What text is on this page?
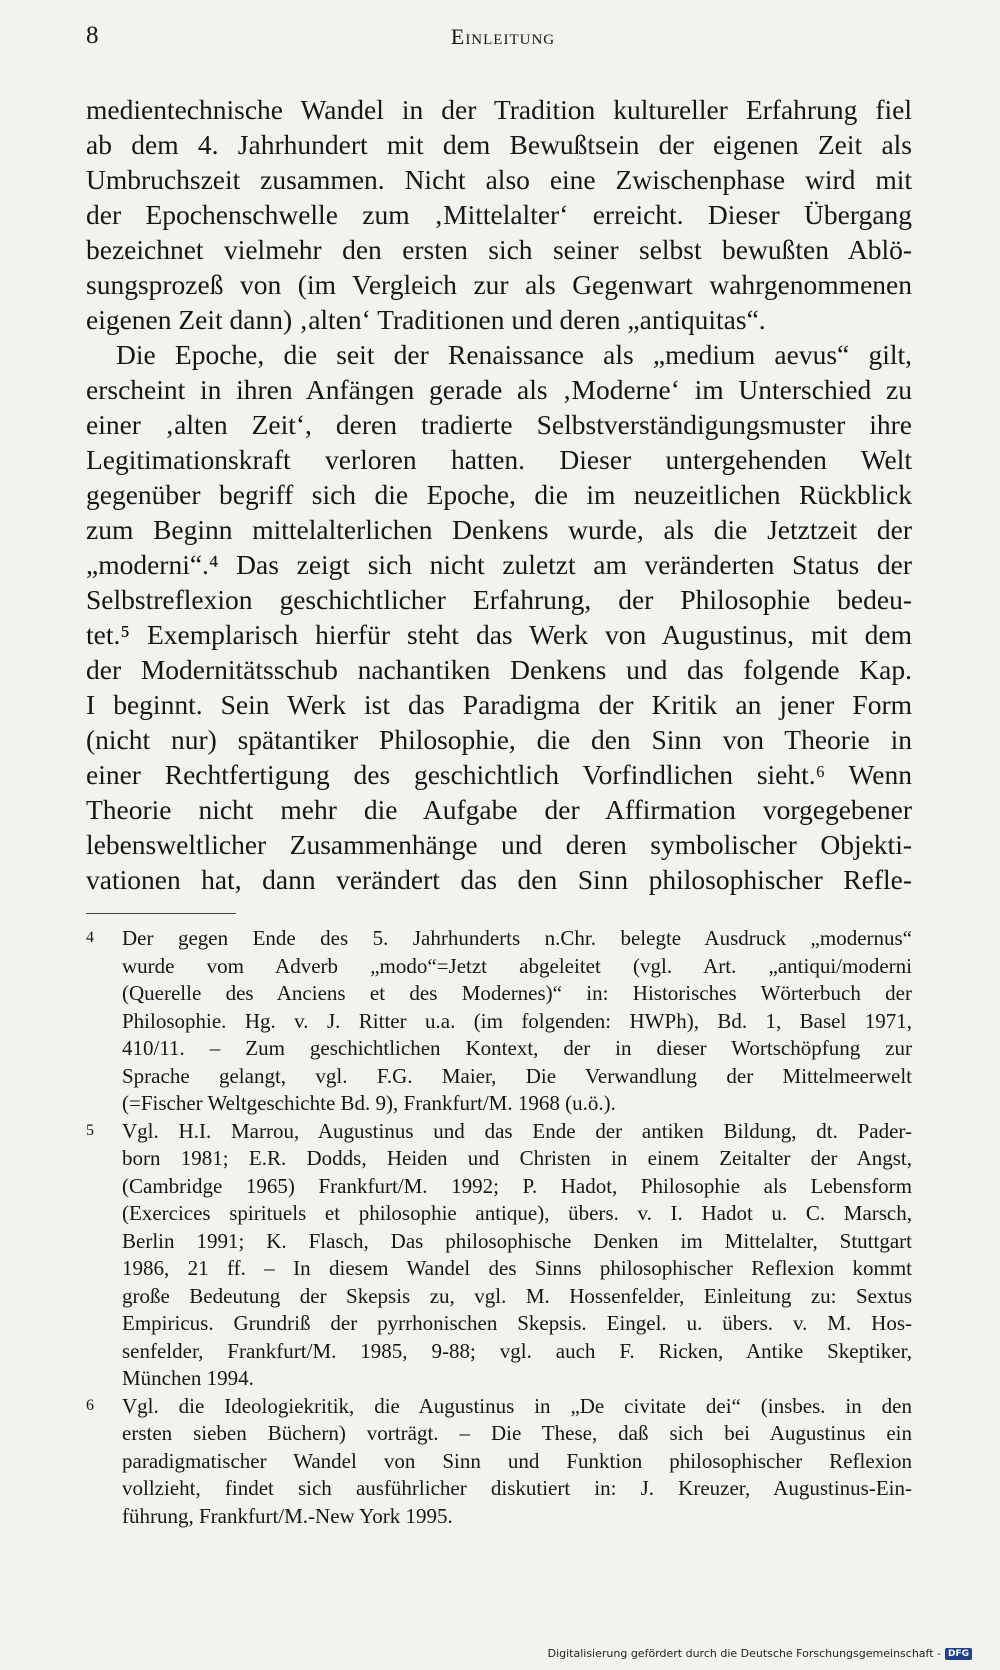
8	Einleitung
medientechnische Wandel in der Tradition kultureller Erfahrung fiel
ab dem 4. Jahrhundert mit dem Bewußtsein der eigenen Zeit als
Umbruchszeit zusammen. Nicht also eine Zwischenphase wird mit
der Epochenschwelle zum ‚Mittelalter‘ erreicht. Dieser Übergang
bezeichnet vielmehr den ersten sich seiner selbst bewußten Ablö-
sungsprozeß von (im Vergleich zur als Gegenwart wahrgenommenen
eigenen Zeit dann) ‚alten‘ Traditionen und deren „antiquitas“.
Die Epoche, die seit der Renaissance als „medium aevus“ gilt,
erscheint in ihren Anfängen gerade als ‚Moderne‘ im Unterschied zu
einer ‚alten Zeit‘, deren tradierte Selbstverständigungsmuster ihre
Legitimationskraft verloren hatten. Dieser untergehenden Welt
gegenüber begriff sich die Epoche, die im neuzeitlichen Rückblick
zum Beginn mittelalterlichen Denkens wurde, als die Jetztzeit der
„moderni“.⁴ Das zeigt sich nicht zuletzt am veränderten Status der
Selbstreflexion geschichtlicher Erfahrung, der Philosophie bedeu-
tet.⁵ Exemplarisch hierfür steht das Werk von Augustinus, mit dem
der Modernitätsschub nachantiken Denkens und das folgende Kap.
I beginnt. Sein Werk ist das Paradigma der Kritik an jener Form
(nicht nur) spätantiker Philosophie, die den Sinn von Theorie in
einer Rechtfertigung des geschichtlich Vorfindlichen sieht.⁶ Wenn
Theorie nicht mehr die Aufgabe der Affirmation vorgegebener
lebensweltlicher Zusammenhänge und deren symbolischer Objekti-
vationen hat, dann verändert das den Sinn philosophischer Refle-
4 Der gegen Ende des 5. Jahrhunderts n.Chr. belegte Ausdruck „modernus“
wurde vom Adverb „modo“=Jetzt abgeleitet (vgl. Art. „antiqui/moderni
(Querelle des Anciens et des Modernes)“ in: Historisches Wörterbuch der
Philosophie. Hg. v. J. Ritter u.a. (im folgenden: HWPh), Bd. 1, Basel 1971,
410/11. – Zum geschichtlichen Kontext, der in dieser Wortschöpfung zur
Sprache gelangt, vgl. F.G. Maier, Die Verwandlung der Mittelmeerwelt
(=Fischer Weltgeschichte Bd. 9), Frankfurt/M. 1968 (u.ö.).
5 Vgl. H.I. Marrou, Augustinus und das Ende der antiken Bildung, dt. Pader-
born 1981; E.R. Dodds, Heiden und Christen in einem Zeitalter der Angst,
(Cambridge 1965) Frankfurt/M. 1992; P. Hadot, Philosophie als Lebensform
(Exercices spirituels et philosophie antique), übers. v. I. Hadot u. C. Marsch,
Berlin 1991; K. Flasch, Das philosophische Denken im Mittelalter, Stuttgart
1986, 21 ff. – In diesem Wandel des Sinns philosophischer Reflexion kommt
große Bedeutung der Skepsis zu, vgl. M. Hossenfelder, Einleitung zu: Sextus
Empiricus. Grundriß der pyrrhonischen Skepsis. Eingel. u. übers. v. M. Hos-
senfelder, Frankfurt/M. 1985, 9-88; vgl. auch F. Ricken, Antike Skeptiker,
München 1994.
6 Vgl. die Ideologiekritik, die Augustinus in „De civitate dei“ (insbes. in den
ersten sieben Büchern) vorträgt. – Die These, daß sich bei Augustinus ein
paradigmatischer Wandel von Sinn und Funktion philosophischer Reflexion
vollzieht, findet sich ausführlicher diskutiert in: J. Kreuzer, Augustinus-Ein-
führung, Frankfurt/M.-New York 1995.
Digitalisierung gefördert durch die Deutsche Forschungsgemeinschaft - DFG
